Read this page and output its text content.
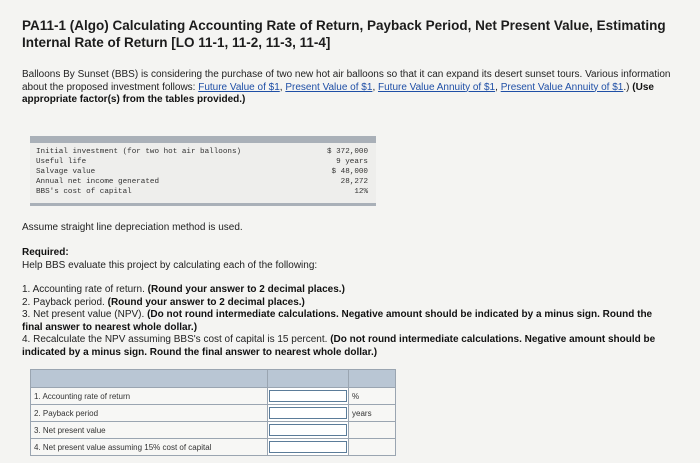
PA11-1 (Algo) Calculating Accounting Rate of Return, Payback Period, Net Present Value, Estimating Internal Rate of Return [LO 11-1, 11-2, 11-3, 11-4]
Balloons By Sunset (BBS) is considering the purchase of two new hot air balloons so that it can expand its desert sunset tours. Various information about the proposed investment follows: Future Value of $1, Present Value of $1, Future Value Annuity of $1, Present Value Annuity of $1.) (Use appropriate factor(s) from the tables provided.)
Initial investment (for two hot air balloons)	$ 372,000
Useful life	9 years
Salvage value	$ 48,000
Annual net income generated	28,272
BBS's cost of capital	12%
Assume straight line depreciation method is used.
Required:
Help BBS evaluate this project by calculating each of the following:
1. Accounting rate of return. (Round your answer to 2 decimal places.)
2. Payback period. (Round your answer to 2 decimal places.)
3. Net present value (NPV). (Do not round intermediate calculations. Negative amount should be indicated by a minus sign. Round the final answer to nearest whole dollar.)
4. Recalculate the NPV assuming BBS's cost of capital is 15 percent. (Do not round intermediate calculations. Negative amount should be indicated by a minus sign. Round the final answer to nearest whole dollar.)

1. Accounting rate of return		%
2. Payback period		years
3. Net present value		
4. Net present value assuming 15% cost of capital		
